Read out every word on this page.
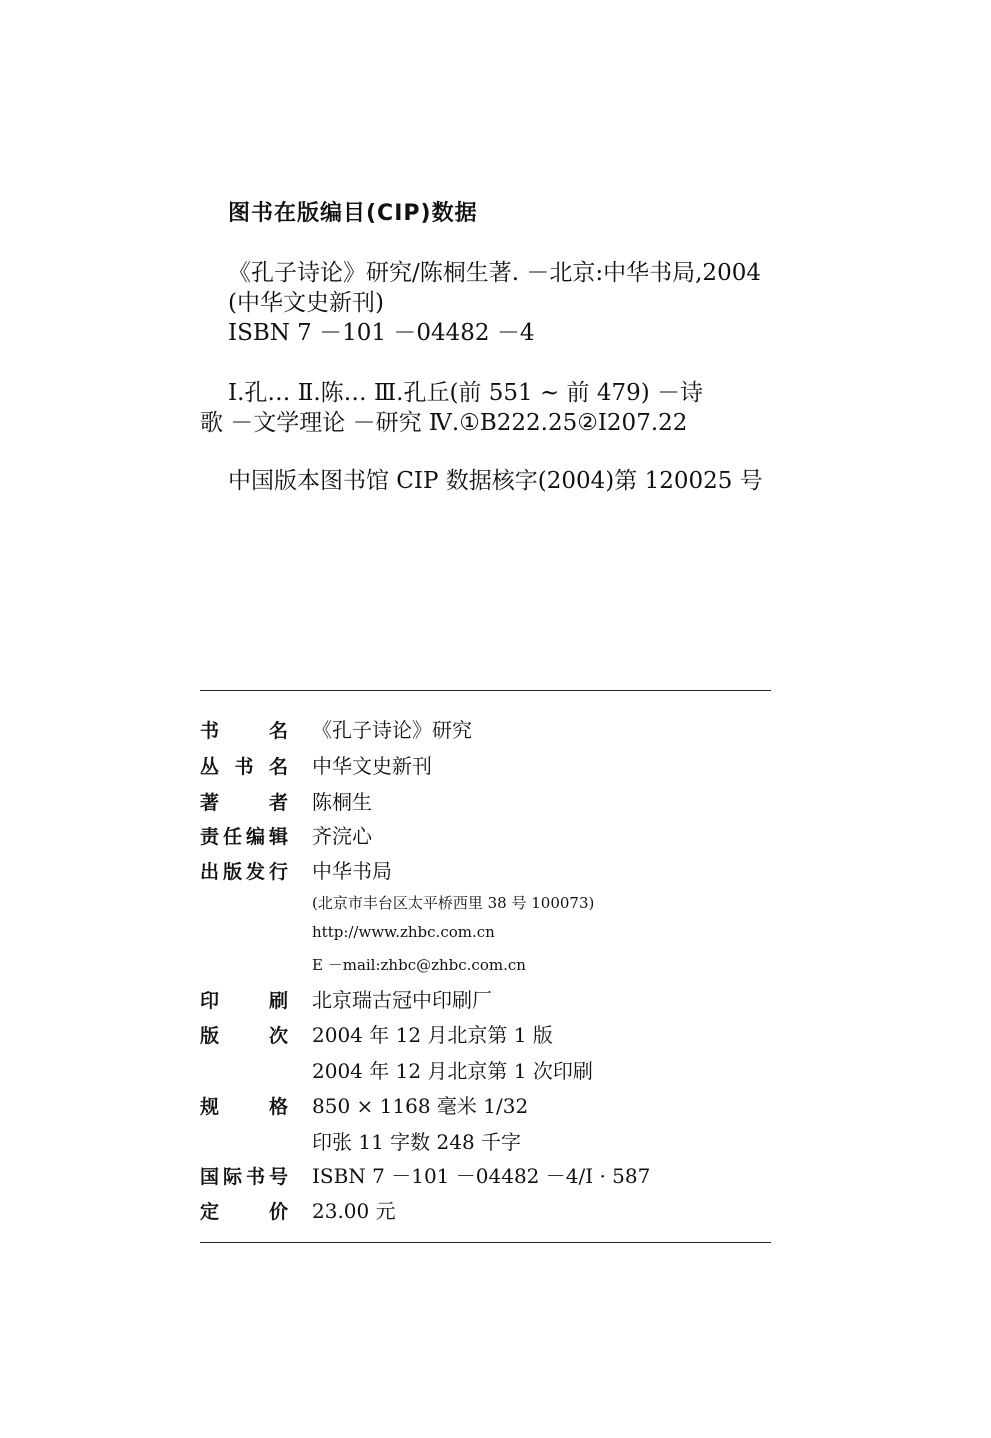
图书在版编目(CIP)数据
《孔子诗论》研究/陈桐生著. －北京:中华书局,2004
(中华文史新刊)
ISBN 7 －101 －04482 －4
Ⅰ.孔… Ⅱ.陈… Ⅲ.孔丘(前 551 ~ 前 479) －诗
歌 －文学理论 －研究 Ⅳ.①B222.25②I207.22
中国版本图书馆 CIP 数据核字(2004)第 120025 号
书名 《孔子诗论》研究
丛书名 中华文史新刊
著者 陈桐生
责任编辑 齐浣心
出版发行 中华书局
(北京市丰台区太平桥西里 38 号 100073)
http://www.zhbc.com.cn
E －mail:zhbc@zhbc.com.cn
印刷 北京瑞古冠中印刷厂
版次 2004 年 12 月北京第 1 版
2004 年 12 月北京第 1 次印刷
规格 850 × 1168 毫米 1/32
印张 11 字数 248 千字
国际书号 ISBN 7 －101 －04482 －4/I · 587
定价 23.00 元
